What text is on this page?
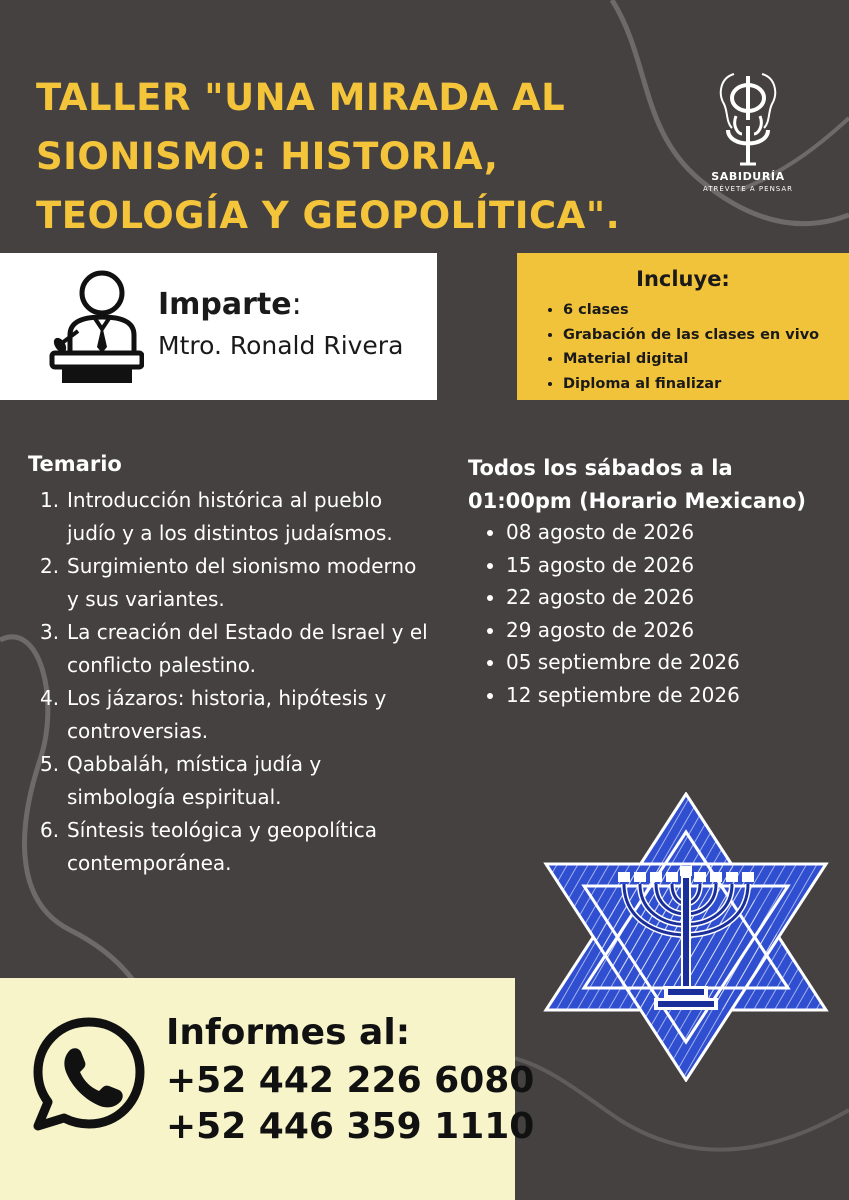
TALLER "UNA MIRADA AL
SIONISMO: HISTORIA,
TEOLOGÍA Y GEOPOLÍTICA".
SABIDURÍA
ATRÉVETE A PENSAR
Imparte:
Mtro. Ronald Rivera
Incluye:
• 6 clases
• Grabación de las clases en vivo
• Material digital
• Diploma al finalizar
Temario
1. Introducción histórica al pueblo
judío y a los distintos judaísmos.
2. Surgimiento del sionismo moderno
y sus variantes.
3. La creación del Estado de Israel y el
conflicto palestino.
4. Los jázaros: historia, hipótesis y
controversias.
5. Qabbaláh, mística judía y
simbología espiritual.
6. Síntesis teológica y geopolítica
contemporánea.
Todos los sábados a la
01:00pm (Horario Mexicano)
• 08 agosto de 2026
• 15 agosto de 2026
• 22 agosto de 2026
• 29 agosto de 2026
• 05 septiembre de 2026
• 12 septiembre de 2026
Informes al:
+52 442 226 6080
+52 446 359 1110
